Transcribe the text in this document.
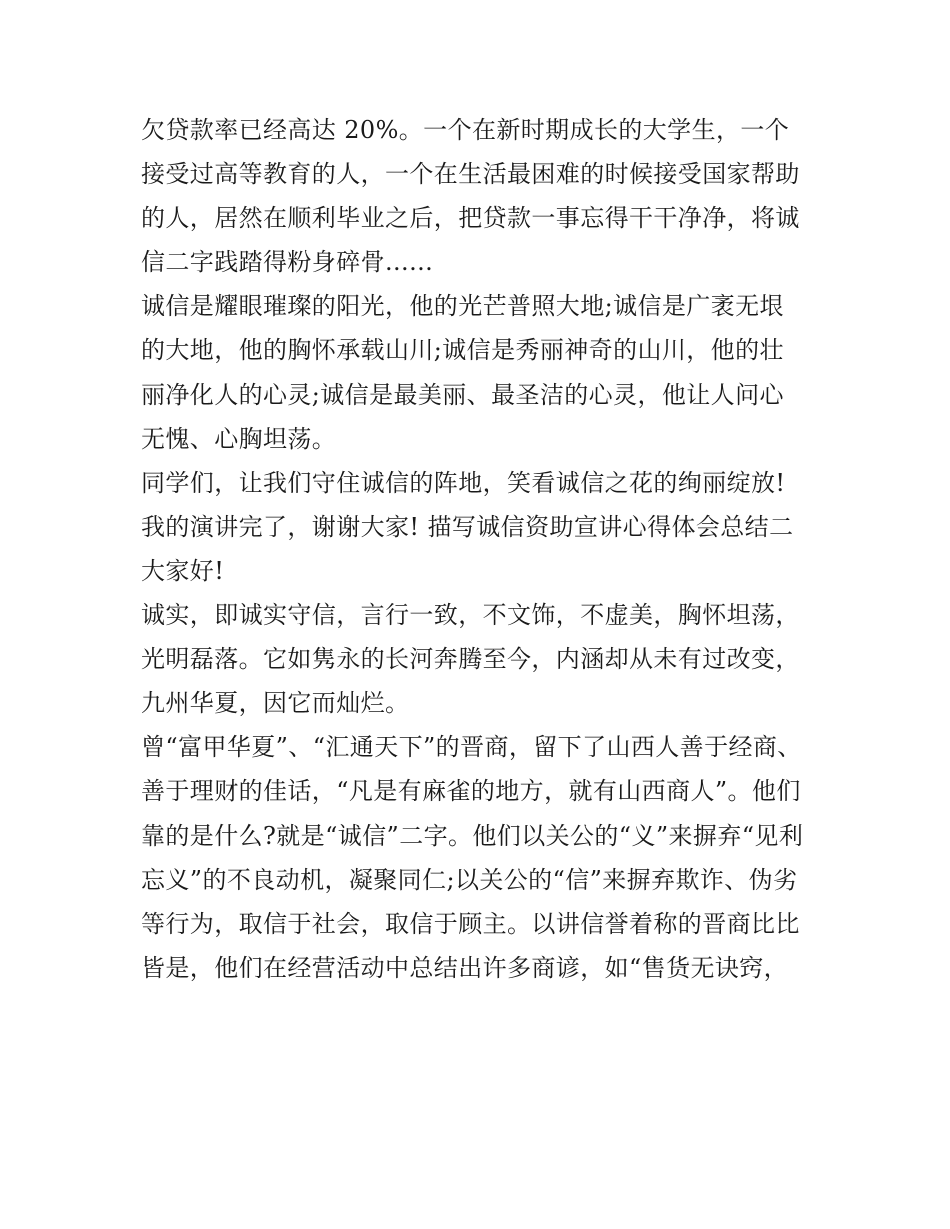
欠贷款率已经高达 20%。一个在新时期成长的大学生，一个
接受过高等教育的人，一个在生活最困难的时候接受国家帮助
的人，居然在顺利毕业之后，把贷款一事忘得干干净净，将诚
信二字践踏得粉身碎骨......
诚信是耀眼璀璨的阳光，他的光芒普照大地;诚信是广袤无垠
的大地，他的胸怀承载山川;诚信是秀丽神奇的山川，他的壮
丽净化人的心灵;诚信是最美丽、最圣洁的心灵，他让人问心
无愧、心胸坦荡。
同学们，让我们守住诚信的阵地，笑看诚信之花的绚丽绽放!
我的演讲完了，谢谢大家! 描写诚信资助宣讲心得体会总结二
大家好!
诚实，即诚实守信，言行一致，不文饰，不虚美，胸怀坦荡，
光明磊落。它如隽永的长河奔腾至今，内涵却从未有过改变，
九州华夏，因它而灿烂。
曾“富甲华夏”、“汇通天下”的晋商，留下了山西人善于经商、
善于理财的佳话，“凡是有麻雀的地方，就有山西商人”。他们
靠的是什么?就是“诚信”二字。他们以关公的“义”来摒弃“见利
忘义”的不良动机，凝聚同仁;以关公的“信”来摒弃欺诈、伪劣
等行为，取信于社会，取信于顾主。以讲信誉着称的晋商比比
皆是，他们在经营活动中总结出许多商谚，如“售货无诀窍，
